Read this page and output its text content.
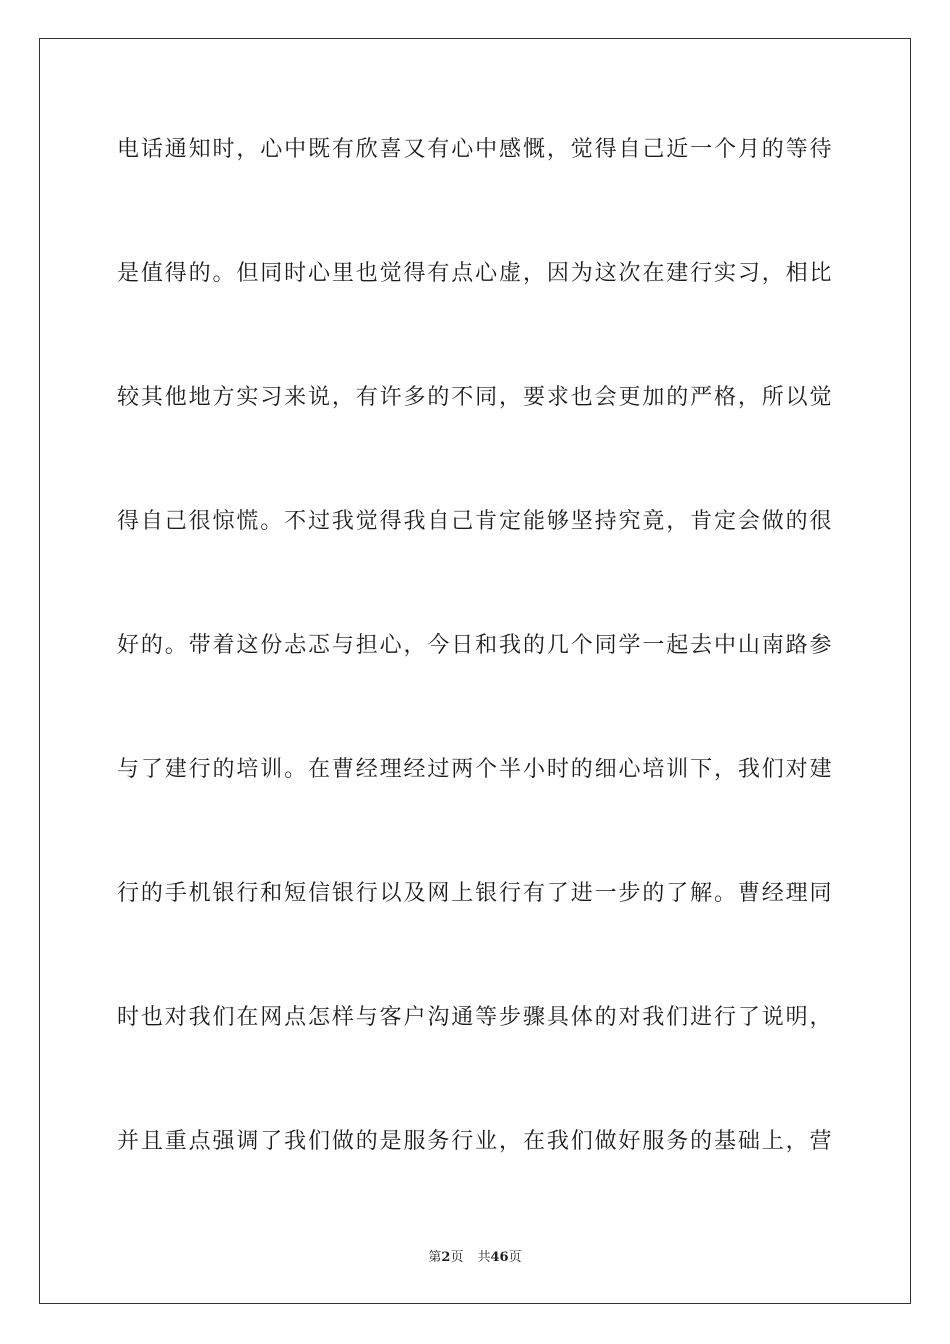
电话通知时，心中既有欣喜又有心中感慨，觉得自己近一个月的等待
是值得的。但同时心里也觉得有点心虚，因为这次在建行实习，相比
较其他地方实习来说，有许多的不同，要求也会更加的严格，所以觉
得自己很惊慌。不过我觉得我自己肯定能够坚持究竟，肯定会做的很
好的。带着这份忐忑与担心，今日和我的几个同学一起去中山南路参
与了建行的培训。在曹经理经过两个半小时的细心培训下，我们对建
行的手机银行和短信银行以及网上银行有了进一步的了解。曹经理同
时也对我们在网点怎样与客户沟通等步骤具体的对我们进行了说明，
并且重点强调了我们做的是服务行业，在我们做好服务的基础上，营
第2页 共46页
